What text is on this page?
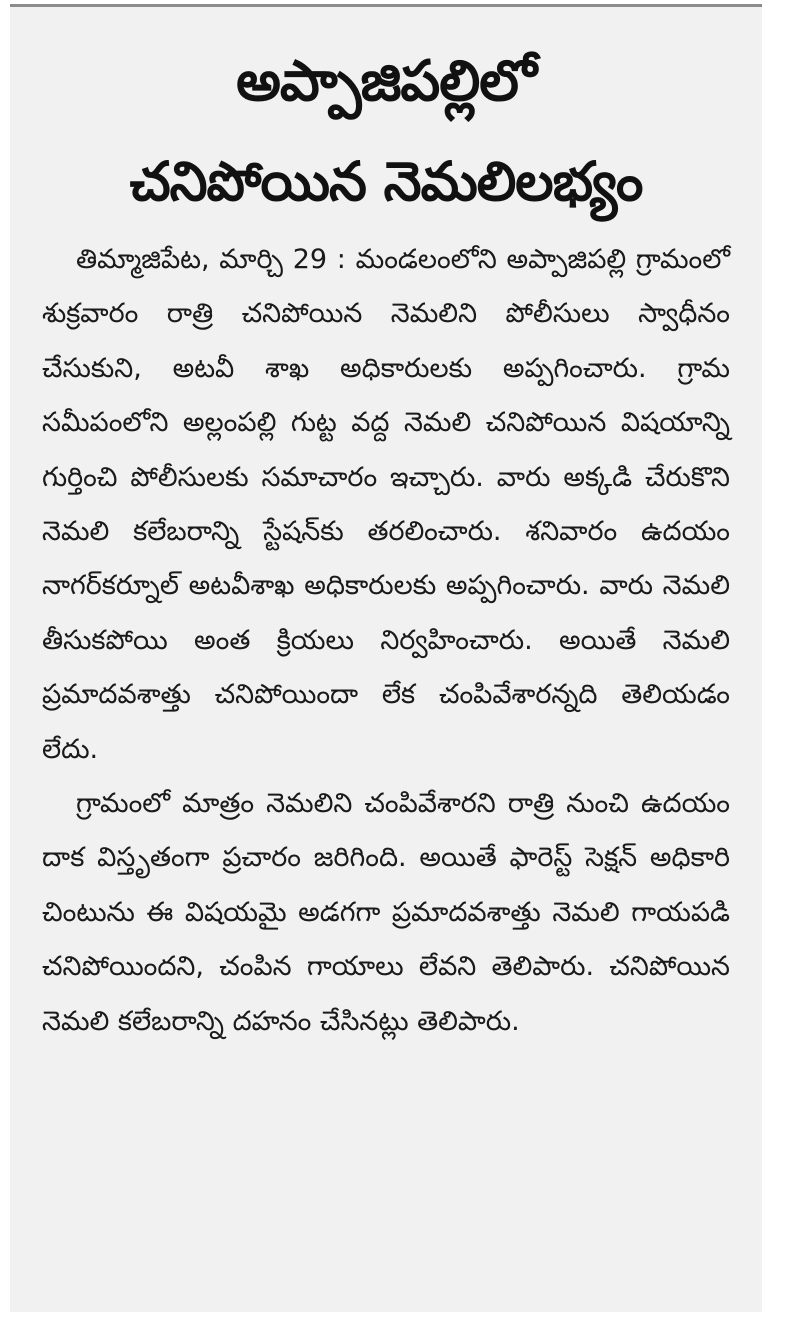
అప్పాజిపల్లిలో
చనిపోయిన నెమలిలభ్యం

తిమ్మాజిపేట, మార్చి 29 : మండలంలోని అప్పాజిపల్లి గ్రామంలో శుక్రవారం రాత్రి చనిపోయిన నెమలిని పోలీసులు స్వాధీనం చేసుకుని, అటవీ శాఖ అధికారులకు అప్పగించారు. గ్రామ సమీపంలోని అల్లంపల్లి గుట్ట వద్ద నెమలి చనిపోయిన విషయాన్ని గుర్తించి పోలీసులకు సమాచారం ఇచ్చారు. వారు అక్కడి చేరుకొని నెమలి కలేబరాన్ని స్టేషన్‌కు తరలించారు. శనివారం ఉదయం నాగర్‌కర్నూల్ అటవీశాఖ అధికారులకు అప్పగించారు. వారు నెమలి తీసుకపోయి అంత క్రియలు నిర్వహించారు. అయితే నెమలి ప్రమాదవశాత్తు చనిపోయిందా లేక చంపివేశారన్నది తెలియడం లేదు.

గ్రామంలో మాత్రం నెమలిని చంపివేశారని రాత్రి నుంచి ఉదయం దాక విస్తృతంగా ప్రచారం జరిగింది. అయితే ఫారెస్ట్ సెక్షన్ అధికారి చింటును ఈ విషయమై అడగగా ప్రమాదవశాత్తు నెమలి గాయపడి చనిపోయిందని, చంపిన గాయాలు లేవని తెలిపారు. చనిపోయిన నెమలి కలేబరాన్ని దహనం చేసినట్లు తెలిపారు.
